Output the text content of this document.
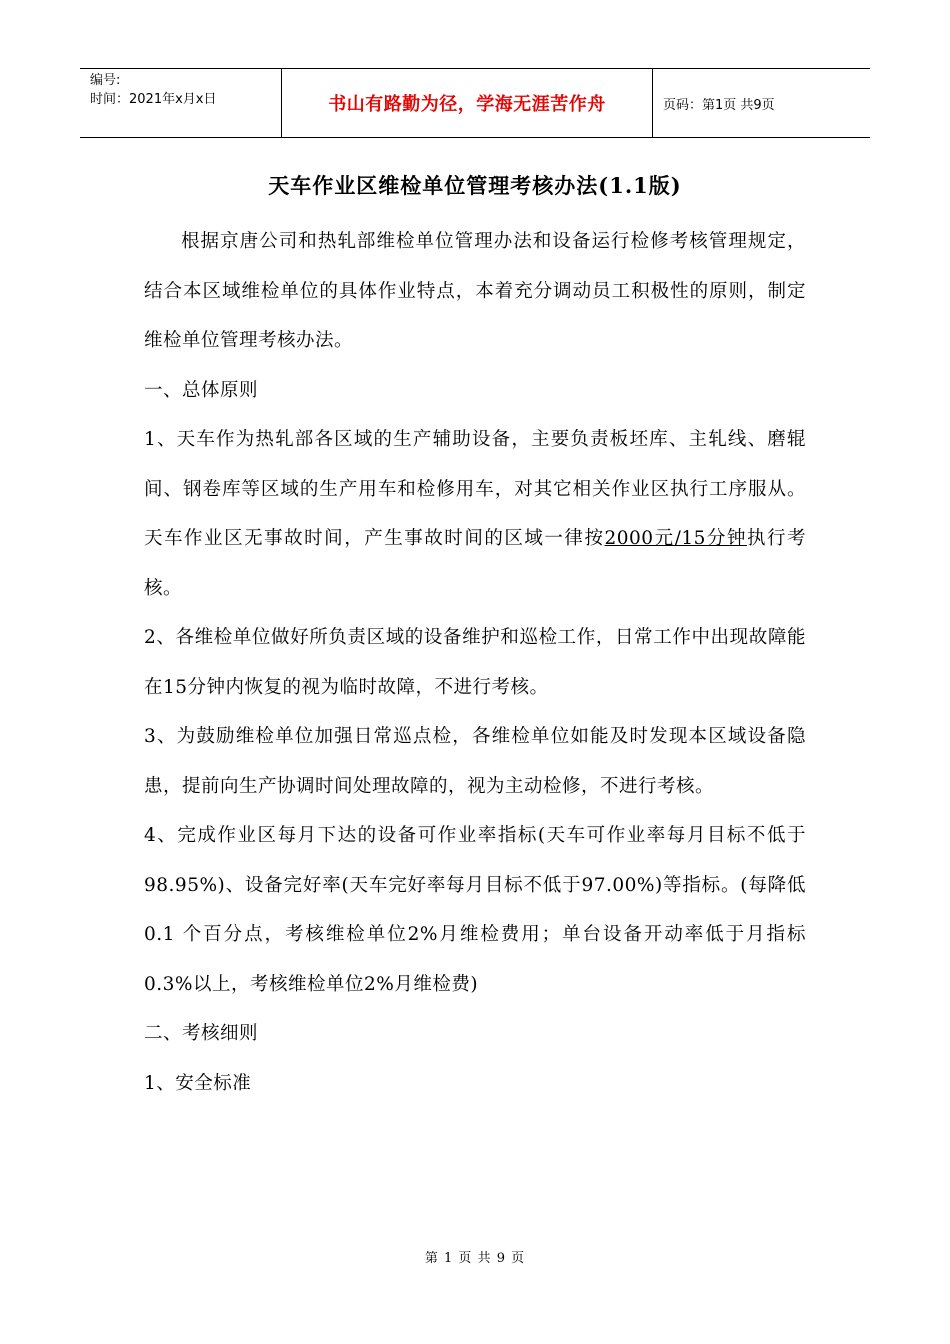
编号:
时间：2021年x月x日	书山有路勤为径，学海无涯苦作舟	页码：第1页 共9页
天车作业区维检单位管理考核办法(1.1版)

根据京唐公司和热轧部维检单位管理办法和设备运行检修考核管理规定，结合本区域维检单位的具体作业特点，本着充分调动员工积极性的原则，制定维检单位管理考核办法。

一、总体原则

1、天车作为热轧部各区域的生产辅助设备，主要负责板坯库、主轧线、磨辊间、钢卷库等区域的生产用车和检修用车，对其它相关作业区执行工序服从。天车作业区无事故时间，产生事故时间的区域一律按2000元/15分钟执行考核。

2、各维检单位做好所负责区域的设备维护和巡检工作，日常工作中出现故障能在15分钟内恢复的视为临时故障，不进行考核。

3、为鼓励维检单位加强日常巡点检，各维检单位如能及时发现本区域设备隐患，提前向生产协调时间处理故障的，视为主动检修，不进行考核。

4、完成作业区每月下达的设备可作业率指标(天车可作业率每月目标不低于98.95%)、设备完好率(天车完好率每月目标不低于97.00%)等指标。(每降低 0.1 个百分点，考核维检单位2%月维检费用；单台设备开动率低于月指标0.3%以上，考核维检单位2%月维检费)

二、考核细则

1、安全标准

第 1 页 共 9 页
